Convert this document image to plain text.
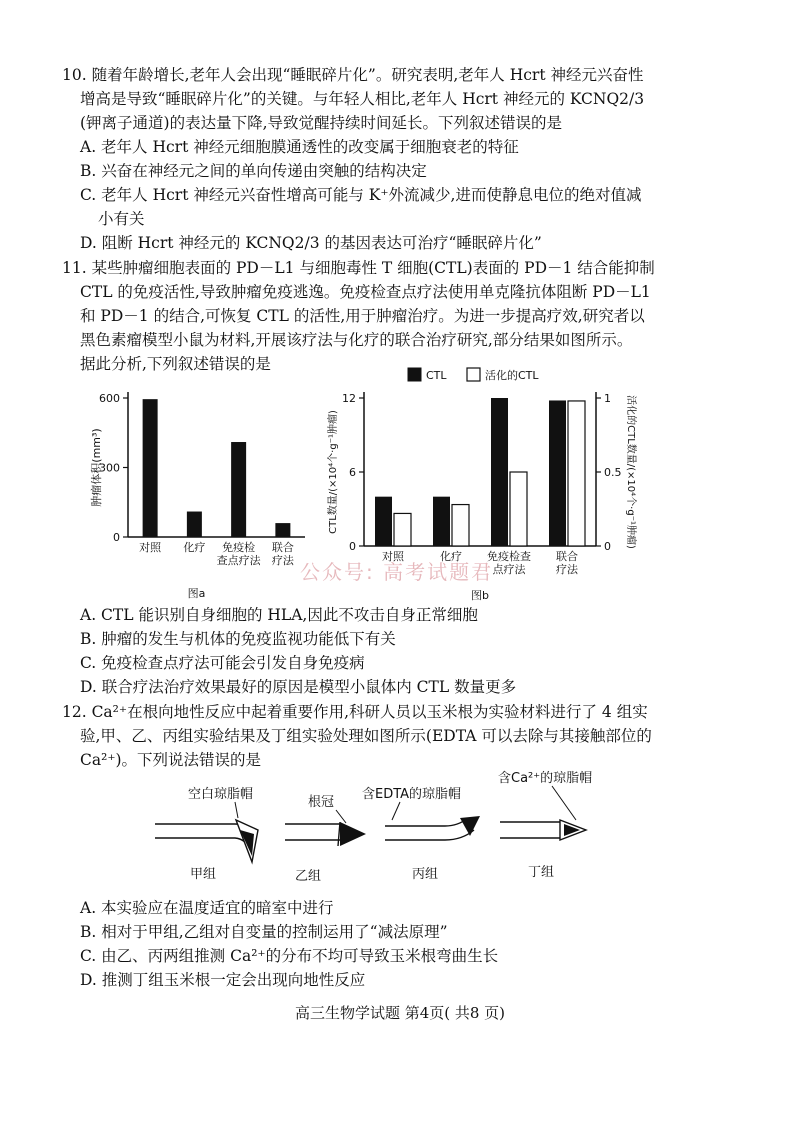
10. 随着年龄增长,老年人会出现“睡眠碎片化”。研究表明,老年人 Hcrt 神经元兴奋性
增高是导致“睡眠碎片化”的关键。与年轻人相比,老年人 Hcrt 神经元的 KCNQ2/3
(钾离子通道)的表达量下降,导致觉醒持续时间延长。下列叙述错误的是
A. 老年人 Hcrt 神经元细胞膜通透性的改变属于细胞衰老的特征
B. 兴奋在神经元之间的单向传递由突触的结构决定
C. 老年人 Hcrt 神经元兴奋性增高可能与 K⁺外流减少,进而使静息电位的绝对值减
小有关
D. 阻断 Hcrt 神经元的 KCNQ2/3 的基因表达可治疗“睡眠碎片化”
11. 某些肿瘤细胞表面的 PD－L1 与细胞毒性 T 细胞(CTL)表面的 PD－1 结合能抑制
CTL 的免疫活性,导致肿瘤免疫逃逸。免疫检查点疗法使用单克隆抗体阻断 PD－L1
和 PD－1 的结合,可恢复 CTL 的活性,用于肿瘤治疗。为进一步提高疗效,研究者以
黑色素瘤模型小鼠为材料,开展该疗法与化疗的联合治疗研究,部分结果如图所示。
据此分析,下列叙述错误的是
0
300
600
肿瘤体积(mm³)
对照 化疗 免疫检
查点疗法
联合
疗法
图a
CTL	活化的CTL
0
6
12
0
0.5
1
CTL数量/(×10⁴个·g⁻¹肿瘤)	活化的CTL数量/(×10⁴个·g⁻¹肿瘤)
对照	化疗 免疫检查
点疗法
联合
疗法
图b
公众号: 高考试题君
A. CTL 能识别自身细胞的 HLA,因此不攻击自身正常细胞
B. 肿瘤的发生与机体的免疫监视功能低下有关
C. 免疫检查点疗法可能会引发自身免疫病
D. 联合疗法治疗效果最好的原因是模型小鼠体内 CTL 数量更多
12. Ca²⁺在根向地性反应中起着重要作用,科研人员以玉米根为实验材料进行了 4 组实
验,甲、乙、丙组实验结果及丁组实验处理如图所示(EDTA 可以去除与其接触部位的
Ca²⁺)。下列说法错误的是
空白琼脂帽
根冠
含EDTA的琼脂帽
含Ca²⁺的琼脂帽
甲组	乙组	丙组	丁组
A. 本实验应在温度适宜的暗室中进行
B. 相对于甲组,乙组对自变量的控制运用了“减法原理”
C. 由乙、丙两组推测 Ca²⁺的分布不均可导致玉米根弯曲生长
D. 推测丁组玉米根一定会出现向地性反应
高三生物学试题 第4页( 共8 页)
